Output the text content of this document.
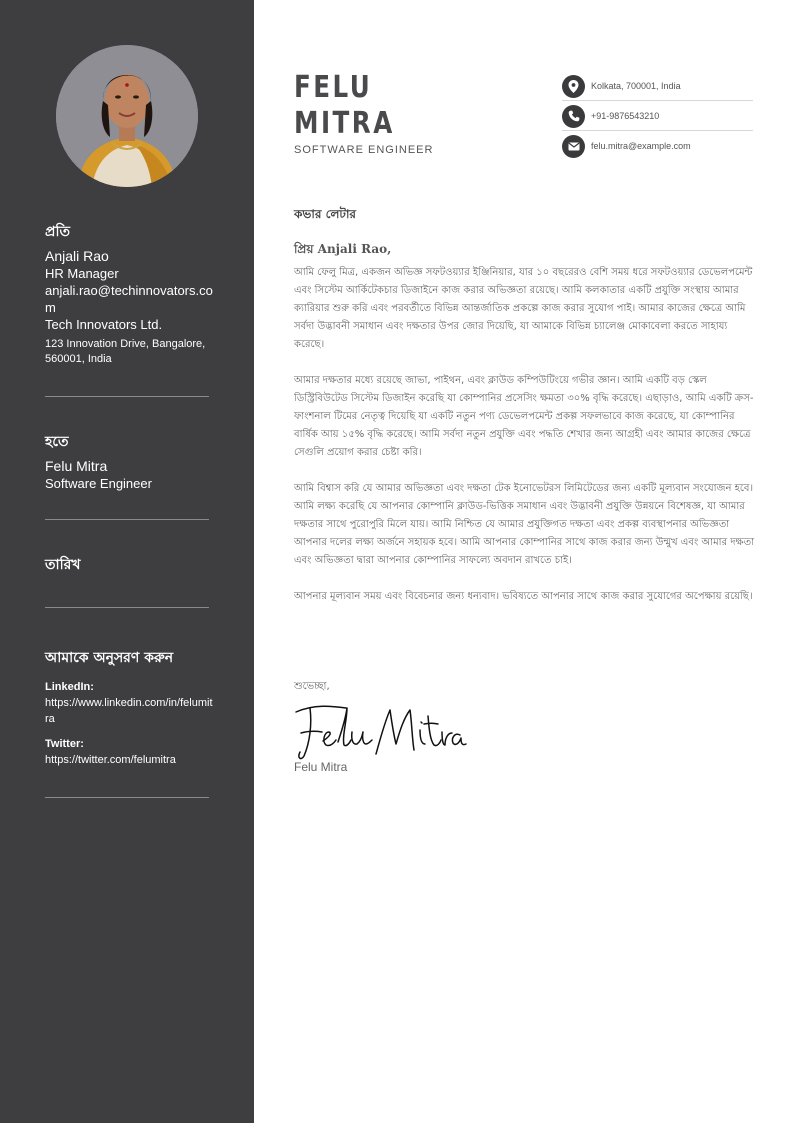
প্রতি
Anjali Rao
HR Manager
anjali.rao@techinnovators.com
Tech Innovators Ltd.
123 Innovation Drive, Bangalore, 560001, India
হতে
Felu Mitra
Software Engineer
তারিখ
আমাকে অনুসরণ করুন
LinkedIn:
https://www.linkedin.com/in/felumitra
Twitter:
https://twitter.com/felumitra
FELU
MITRA
SOFTWARE ENGINEER
Kolkata, 700001, India
+91-9876543210
felu.mitra@example.com
কভার লেটার
প্রিয় Anjali Rao,

আমি ফেলু মিত্র, একজন অভিজ্ঞ সফটওয়্যার ইঞ্জিনিয়ার, যার ১০ বছরেরও বেশি সময় ধরে সফটওয়্যার ডেভেলপমেন্ট এবং সিস্টেম আর্কিটেকচার ডিজাইনে কাজ করার অভিজ্ঞতা রয়েছে। আমি কলকাতার একটি প্রযুক্তি সংস্থায় আমার ক্যারিয়ার শুরু করি এবং পরবর্তীতে বিভিন্ন আন্তর্জাতিক প্রকল্পে কাজ করার সুযোগ পাই। আমার কাজের ক্ষেত্রে আমি সর্বদা উদ্ভাবনী সমাধান এবং দক্ষতার উপর জোর দিয়েছি, যা আমাকে বিভিন্ন চ্যালেঞ্জ মোকাবেলা করতে সাহায্য করেছে।

আমার দক্ষতার মধ্যে রয়েছে জাভা, পাইথন, এবং ক্লাউড কম্পিউটিংয়ে গভীর জ্ঞান। আমি একটি বড় স্কেল ডিস্ট্রিবিউটেড সিস্টেম ডিজাইন করেছি যা কোম্পানির প্রসেসিং ক্ষমতা ৩০% বৃদ্ধি করেছে। এছাড়াও, আমি একটি ক্রস-ফাংশনাল টিমের নেতৃত্ব দিয়েছি যা একটি নতুন পণ্য ডেভেলপমেন্ট প্রকল্প সফলভাবে কাজ করেছে, যা কোম্পানির বার্ষিক আয় ১৫% বৃদ্ধি করেছে। আমি সর্বদা নতুন প্রযুক্তি এবং পদ্ধতি শেখার জন্য আগ্রহী এবং আমার কাজের ক্ষেত্রে সেগুলি প্রয়োগ করার চেষ্টা করি।

আমি বিশ্বাস করি যে আমার অভিজ্ঞতা এবং দক্ষতা টেক ইনোভেটরস লিমিটেডের জন্য একটি মূল্যবান সংযোজন হবে। আমি লক্ষ্য করেছি যে আপনার কোম্পানি ক্লাউড-ভিত্তিক সমাধান এবং উদ্ভাবনী প্রযুক্তি উন্নয়নে বিশেষজ্ঞ, যা আমার দক্ষতার সাথে পুরোপুরি মিলে যায়। আমি নিশ্চিত যে আমার প্রযুক্তিগত দক্ষতা এবং প্রকল্প ব্যবস্থাপনার অভিজ্ঞতা আপনার দলের লক্ষ্য অর্জনে সহায়ক হবে। আমি আপনার কোম্পানির সাথে কাজ করার জন্য উন্মুখ এবং আমার দক্ষতা এবং অভিজ্ঞতা দ্বারা আপনার কোম্পানির সাফল্যে অবদান রাখতে চাই।

আপনার মূল্যবান সময় এবং বিবেচনার জন্য ধন্যবাদ। ভবিষ্যতে আপনার সাথে কাজ করার সুযোগের অপেক্ষায় রয়েছি।

শুভেচ্ছা,
Felu Mitra
